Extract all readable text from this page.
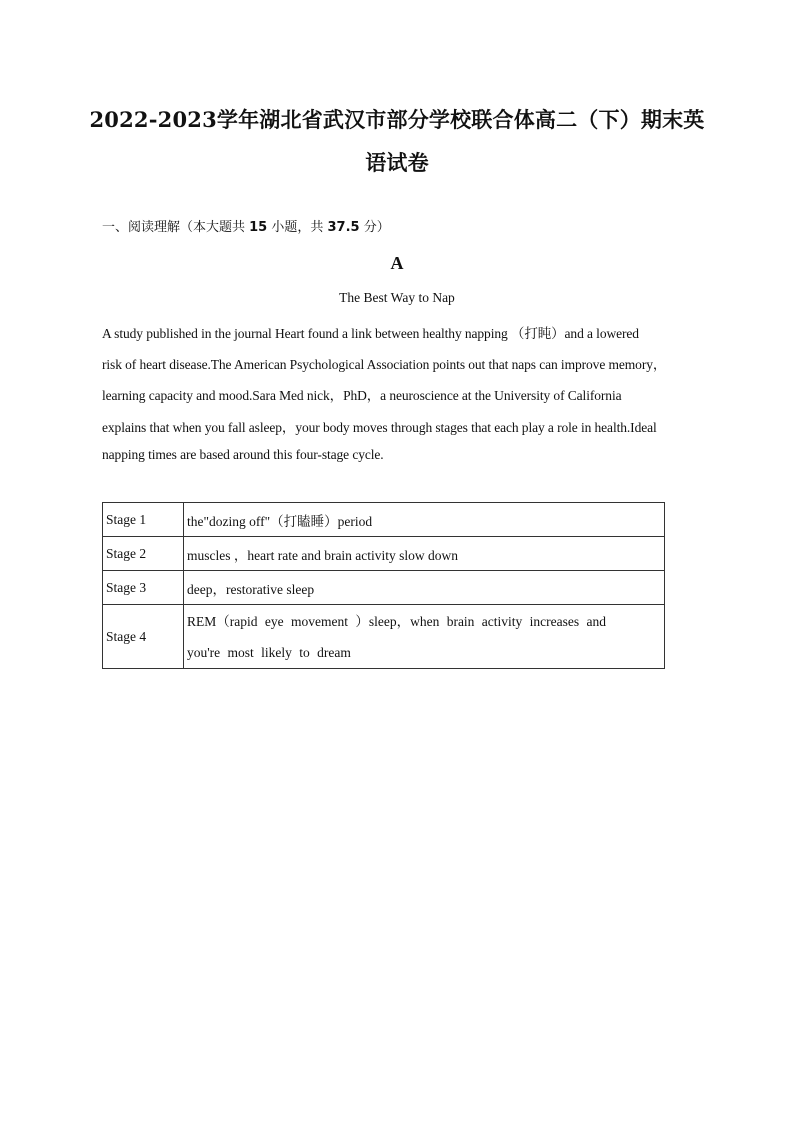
2022-2023学年湖北省武汉市部分学校联合体高二（下）期末英
语试卷
一、阅读理解（本大题共 15 小题，共 37.5 分）
A
The Best Way to Nap
A study published in the journal Heart found a link between healthy napping （打盹）and a lowered
risk of heart disease.The American Psychological Association points out that naps can improve memory，
learning capacity and mood.Sara Med nick，PhD，a neuroscience at the University of California
explains that when you fall asleep，your body moves through stages that each play a role in health.Ideal
napping times are based around this four-stage cycle.
Stage 1	the"dozing off"（打瞌睡）period
Stage 2	muscles ，heart rate and brain activity slow down
Stage 3	deep，restorative sleep
Stage 4	REM（rapid eye movement ）sleep，when brain activity increases and
you're most likely to dream
